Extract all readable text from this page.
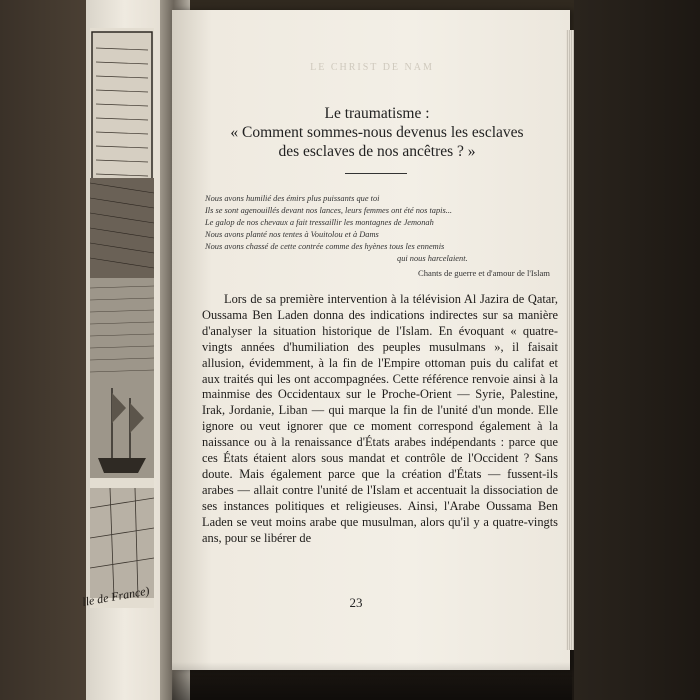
lle de France)
LE CHRIST DE NAM
Le traumatisme :
« Comment sommes-nous devenus les esclaves
des esclaves de nos ancêtres ? »
Nous avons humilié des émirs plus puissants que toi
Ils se sont agenouillés devant nos lances, leurs femmes ont été nos tapis...
Le galop de nos chevaux a fait tressaillir les montagnes de Jemonah
Nous avons planté nos tentes à Vouitolou et à Dams
Nous avons chassé de cette contrée comme des hyènes tous les ennemis
qui nous harcelaient.
Chants de guerre et d'amour de l'Islam

Lors de sa première intervention à la télévision Al Jazira de Qatar, Oussama Ben Laden donna des indications indirectes sur sa manière d'analyser la situation historique de l'Islam. En évoquant « quatre-vingts années d'humiliation des peuples musulmans », il faisait allusion, évidemment, à la fin de l'Empire ottoman puis du califat et aux traités qui les ont accompagnées. Cette référence renvoie ainsi à la mainmise des Occidentaux sur le Proche-Orient — Syrie, Palestine, Irak, Jordanie, Liban — qui marque la fin de l'unité d'un monde. Elle ignore ou veut ignorer que ce moment correspond également à la naissance ou à la renaissance d'États arabes indépendants : parce que ces États étaient alors sous mandat et contrôle de l'Occident ? Sans doute. Mais également parce que la création d'États — fussent-ils arabes — allait contre l'unité de l'Islam et accentuait la dissociation de ses instances politiques et religieuses. Ainsi, l'Arabe Oussama Ben Laden se veut moins arabe que musulman, alors qu'il y a quatre-vingts ans, pour se libérer de

23
